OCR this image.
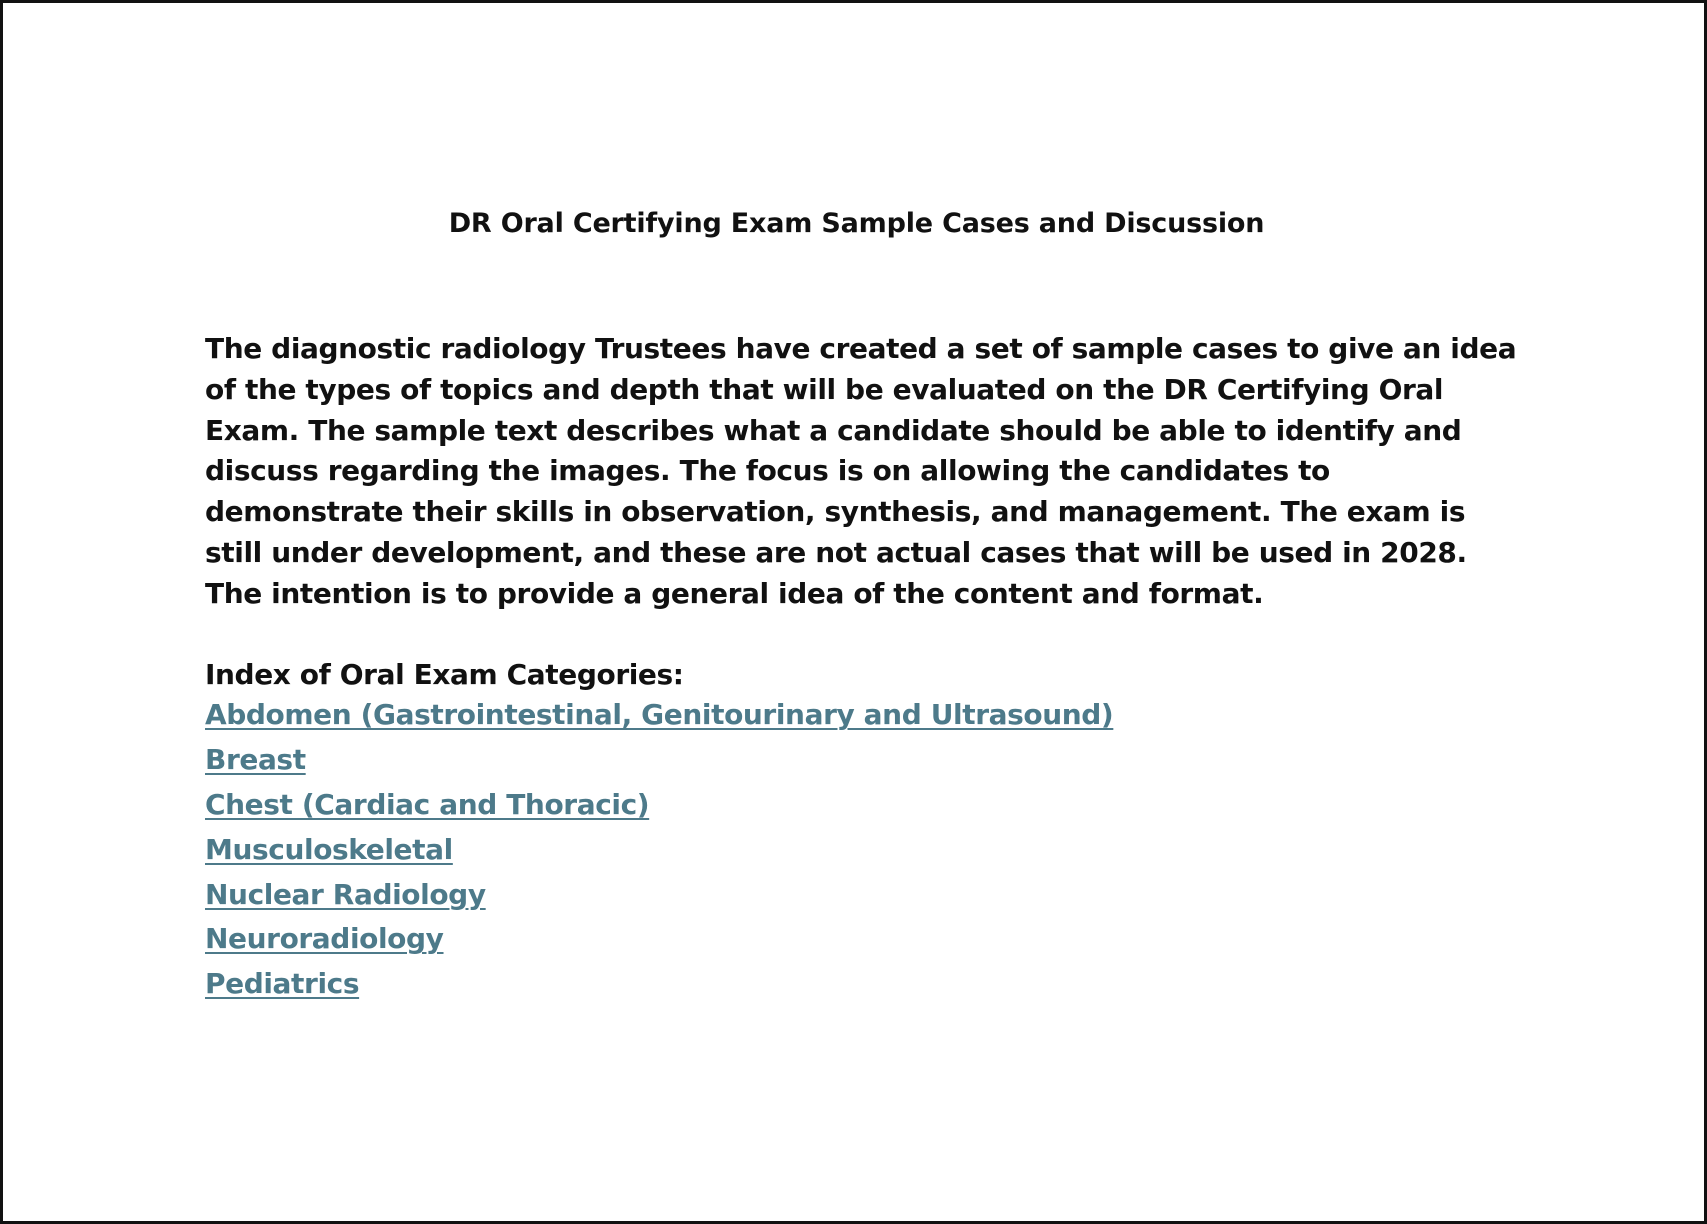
DR Oral Certifying Exam Sample Cases and Discussion

The diagnostic radiology Trustees have created a set of sample cases to give an idea of the types of topics and depth that will be evaluated on the DR Certifying Oral Exam. The sample text describes what a candidate should be able to identify and discuss regarding the images. The focus is on allowing the candidates to demonstrate their skills in observation, synthesis, and management. The exam is still under development, and these are not actual cases that will be used in 2028. The intention is to provide a general idea of the content and format.

Index of Oral Exam Categories:

Abdomen (Gastrointestinal, Genitourinary and Ultrasound)
Breast
Chest (Cardiac and Thoracic)
Musculoskeletal
Nuclear Radiology
Neuroradiology
Pediatrics
